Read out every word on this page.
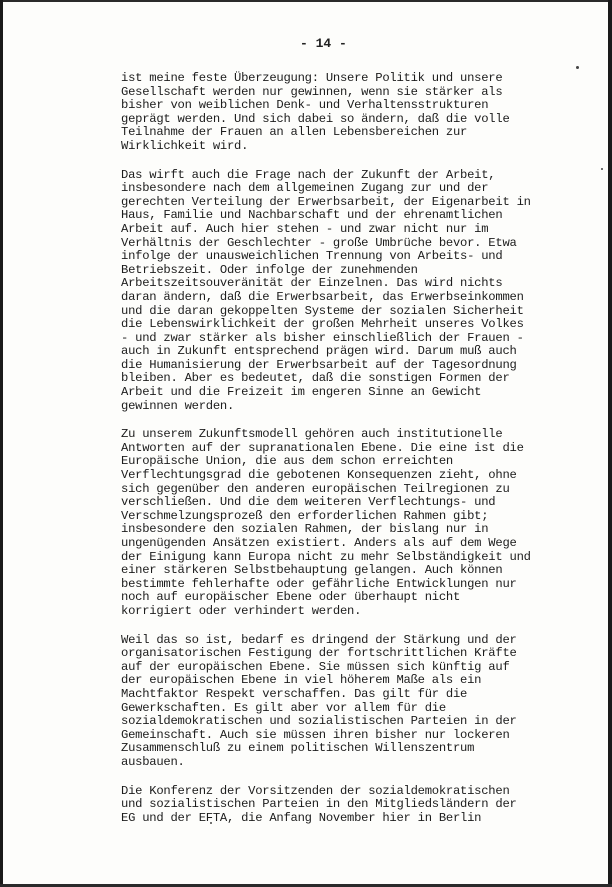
- 14 -

ist meine feste Überzeugung: Unsere Politik und unsere
Gesellschaft werden nur gewinnen, wenn sie stärker als
bisher von weiblichen Denk- und Verhaltensstrukturen
geprägt werden. Und sich dabei so ändern, daß die volle
Teilnahme der Frauen an allen Lebensbereichen zur
Wirklichkeit wird.

Das wirft auch die Frage nach der Zukunft der Arbeit,
insbesondere nach dem allgemeinen Zugang zur und der
gerechten Verteilung der Erwerbsarbeit, der Eigenarbeit in
Haus, Familie und Nachbarschaft und der ehrenamtlichen
Arbeit auf. Auch hier stehen - und zwar nicht nur im
Verhältnis der Geschlechter - große Umbrüche bevor. Etwa
infolge der unausweichlichen Trennung von Arbeits- und
Betriebszeit. Oder infolge der zunehmenden
Arbeitszeitsouveränität der Einzelnen. Das wird nichts
daran ändern, daß die Erwerbsarbeit, das Erwerbseinkommen
und die daran gekoppelten Systeme der sozialen Sicherheit
die Lebenswirklichkeit der großen Mehrheit unseres Volkes
- und zwar stärker als bisher einschließlich der Frauen -
auch in Zukunft entsprechend prägen wird. Darum muß auch
die Humanisierung der Erwerbsarbeit auf der Tagesordnung
bleiben. Aber es bedeutet, daß die sonstigen Formen der
Arbeit und die Freizeit im engeren Sinne an Gewicht
gewinnen werden.

Zu unserem Zukunftsmodell gehören auch institutionelle
Antworten auf der supranationalen Ebene. Die eine ist die
Europäische Union, die aus dem schon erreichten
Verflechtungsgrad die gebotenen Konsequenzen zieht, ohne
sich gegenüber den anderen europäischen Teilregionen zu
verschließen. Und die dem weiteren Verflechtungs- und
Verschmelzungsprozeß den erforderlichen Rahmen gibt;
insbesondere den sozialen Rahmen, der bislang nur in
ungenügenden Ansätzen existiert. Anders als auf dem Wege
der Einigung kann Europa nicht zu mehr Selbständigkeit und
einer stärkeren Selbstbehauptung gelangen. Auch können
bestimmte fehlerhafte oder gefährliche Entwicklungen nur
noch auf europäischer Ebene oder überhaupt nicht
korrigiert oder verhindert werden.

Weil das so ist, bedarf es dringend der Stärkung und der
organisatorischen Festigung der fortschrittlichen Kräfte
auf der europäischen Ebene. Sie müssen sich künftig auf
der europäischen Ebene in viel höherem Maße als ein
Machtfaktor Respekt verschaffen. Das gilt für die
Gewerkschaften. Es gilt aber vor allem für die
sozialdemokratischen und sozialistischen Parteien in der
Gemeinschaft. Auch sie müssen ihren bisher nur lockeren
Zusammenschluß zu einem politischen Willenszentrum
ausbauen.

Die Konferenz der Vorsitzenden der sozialdemokratischen
und sozialistischen Parteien in den Mitgliedsländern der
EG und der EFTA, die Anfang November hier in Berlin
